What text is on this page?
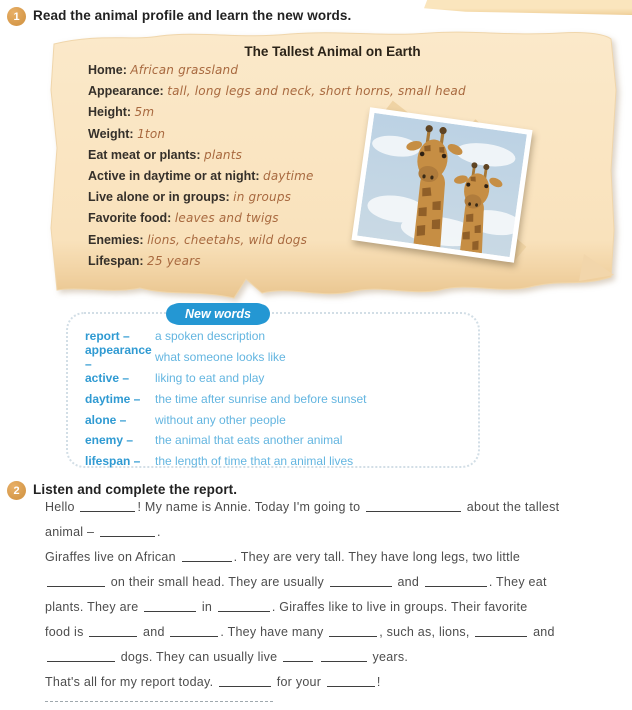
1 Read the animal profile and learn the new words.
The Tallest Animal on Earth
Home: African grassland
Appearance: tall, long legs and neck, short horns, small head
Height: 5m
Weight: 1ton
Eat meat or plants: plants
Active in daytime or at night: daytime
Live alone or in groups: in groups
Favorite food: leaves and twigs
Enemies: lions, cheetahs, wild dogs
Lifespan: 25 years
New words
report –	a spoken description
appearance –
what someone looks like
active –	liking to eat and play
daytime –	the time after sunrise and before sunset
alone –	without any other people
enemy –	the animal that eats another animal
lifespan –	the length of time that an animal lives
2 Listen and complete the report.
Hello	! My name is Annie. Today I'm going to	about the tallest
animal –	.
Giraffes live on African	. They are very tall. They have long legs, two little
on their small head. They are usually	and	. They eat
plants. They are	in	. Giraffes like to live in groups. Their favorite
food is	and	. They have many	, such as, lions,	and
dogs. They can usually live	years.
That's all for my report today.	for your	!
